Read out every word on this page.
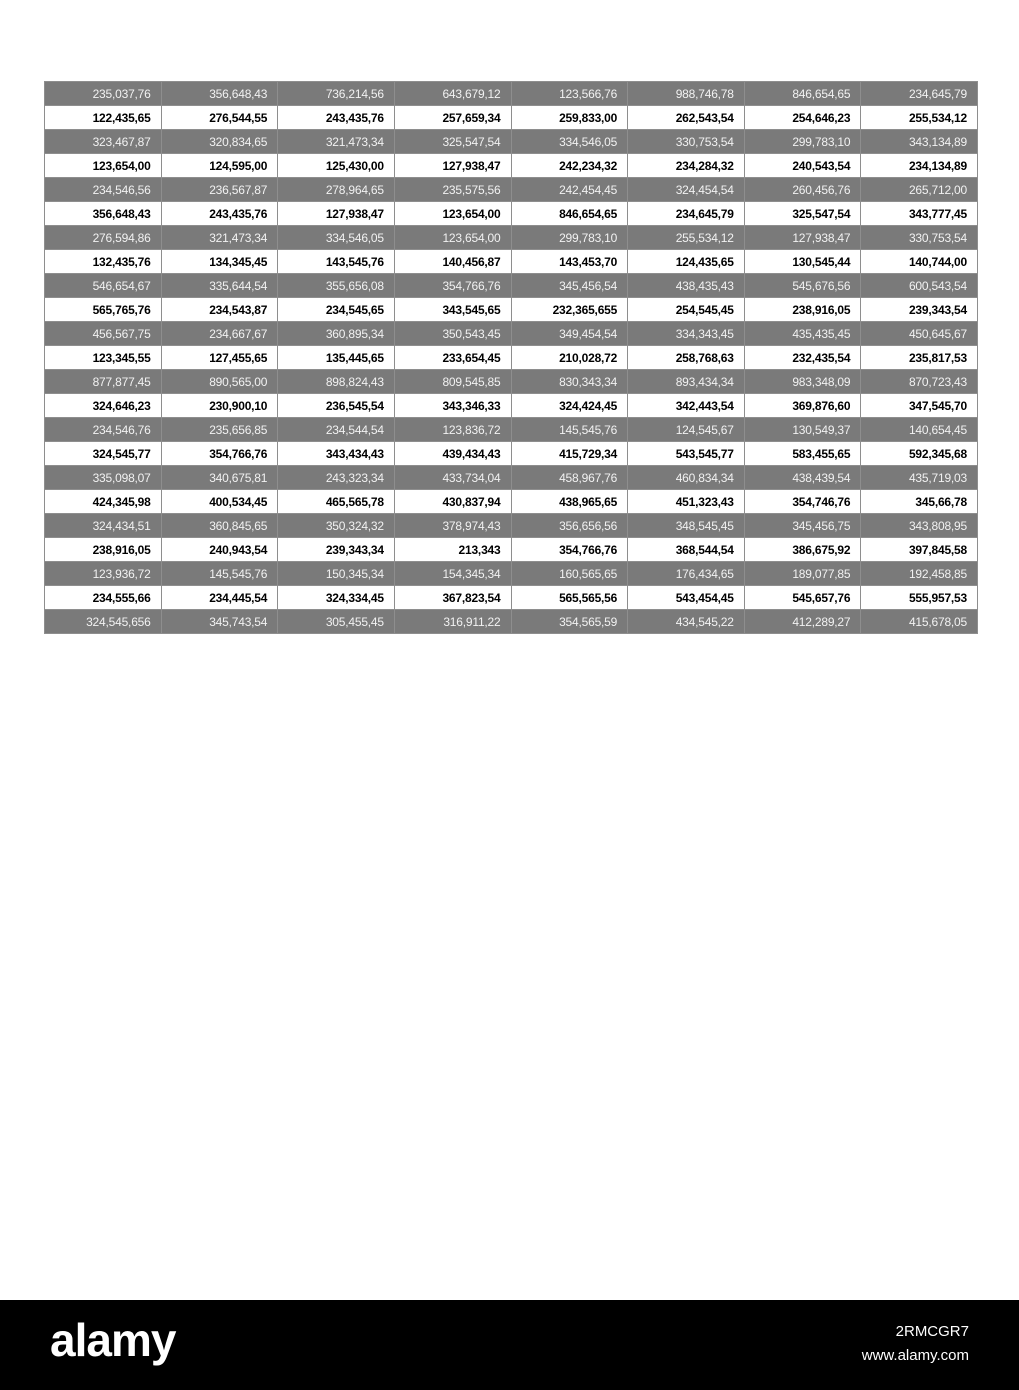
235,037,76	356,648,43	736,214,56	643,679,12	123,566,76	988,746,78	846,654,65	234,645,79
122,435,65	276,544,55	243,435,76	257,659,34	259,833,00	262,543,54	254,646,23	255,534,12
323,467,87	320,834,65	321,473,34	325,547,54	334,546,05	330,753,54	299,783,10	343,134,89
123,654,00	124,595,00	125,430,00	127,938,47	242,234,32	234,284,32	240,543,54	234,134,89
234,546,56	236,567,87	278,964,65	235,575,56	242,454,45	324,454,54	260,456,76	265,712,00
356,648,43	243,435,76	127,938,47	123,654,00	846,654,65	234,645,79	325,547,54	343,777,45
276,594,86	321,473,34	334,546,05	123,654,00	299,783,10	255,534,12	127,938,47	330,753,54
132,435,76	134,345,45	143,545,76	140,456,87	143,453,70	124,435,65	130,545,44	140,744,00
546,654,67	335,644,54	355,656,08	354,766,76	345,456,54	438,435,43	545,676,56	600,543,54
565,765,76	234,543,87	234,545,65	343,545,65	232,365,655	254,545,45	238,916,05	239,343,54
456,567,75	234,667,67	360,895,34	350,543,45	349,454,54	334,343,45	435,435,45	450,645,67
123,345,55	127,455,65	135,445,65	233,654,45	210,028,72	258,768,63	232,435,54	235,817,53
877,877,45	890,565,00	898,824,43	809,545,85	830,343,34	893,434,34	983,348,09	870,723,43
324,646,23	230,900,10	236,545,54	343,346,33	324,424,45	342,443,54	369,876,60	347,545,70
234,546,76	235,656,85	234,544,54	123,836,72	145,545,76	124,545,67	130,549,37	140,654,45
324,545,77	354,766,76	343,434,43	439,434,43	415,729,34	543,545,77	583,455,65	592,345,68
335,098,07	340,675,81	243,323,34	433,734,04	458,967,76	460,834,34	438,439,54	435,719,03
424,345,98	400,534,45	465,565,78	430,837,94	438,965,65	451,323,43	354,746,76	345,66,78
324,434,51	360,845,65	350,324,32	378,974,43	356,656,56	348,545,45	345,456,75	343,808,95
238,916,05	240,943,54	239,343,34	213,343	354,766,76	368,544,54	386,675,92	397,845,58
123,936,72	145,545,76	150,345,34	154,345,34	160,565,65	176,434,65	189,077,85	192,458,85
234,555,66	234,445,54	324,334,45	367,823,54	565,565,56	543,454,45	545,657,76	555,957,53
324,545,656	345,743,54	305,455,45	316,911,22	354,565,59	434,545,22	412,289,27	415,678,05
alamy	2RMCGR7
www.alamy.com
